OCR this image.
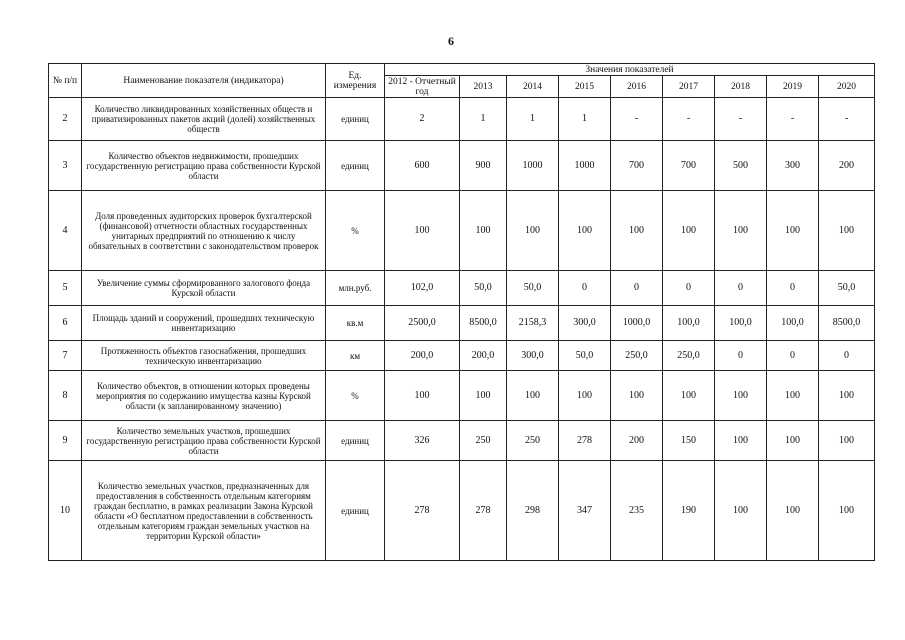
6
№ п/п	Наименование показателя (индикатора)	Ед. измерения	Значения показателей								
			2012 - Отчетный год	2013	2014	2015	2016	2017	2018	2019	2020
2	Количество ликвидированных хозяйственных обществ и приватизированных пакетов акций (долей) хозяйственных обществ	единиц	2	1	1	1	-	-	-	-	-
3	Количество объектов недвижимости, прошедших государственную регистрацию права собственности Курской области	единиц	600	900	1000	1000	700	700	500	300	200
4	Доля проведенных аудиторских проверок бухгалтерской (финансовой) отчетности областных государственных унитарных предприятий по отношению к числу обязательных в соответствии с законодательством проверок	%	100	100	100	100	100	100	100	100	100
5	Увеличение суммы сформированного залогового фонда Курской области	млн.руб.	102,0	50,0	50,0	0	0	0	0	0	50,0
6	Площадь зданий и сооружений, прошедших техническую инвентаризацию	кв.м	2500,0	8500,0	2158,3	300,0	1000,0	100,0	100,0	100,0	8500,0
7	Протяженность объектов газоснабжения, прошедших техническую инвентаризацию	км	200,0	200,0	300,0	50,0	250,0	250,0	0	0	0
8	Количество объектов, в отношении которых проведены мероприятия по содержанию имущества казны Курской области (к запланированному значению)	%	100	100	100	100	100	100	100	100	100
9	Количество земельных участков, прошедших государственную регистрацию права собственности Курской области	единиц	326	250	250	278	200	150	100	100	100
10	Количество земельных участков, предназначенных для предоставления в собственность отдельным категориям граждан бесплатно, в рамках реализации Закона Курской области «О бесплатном предоставлении в собственность отдельным категориям граждан земельных участков на территории Курской области»	единиц	278	278	298	347	235	190	100	100	100
